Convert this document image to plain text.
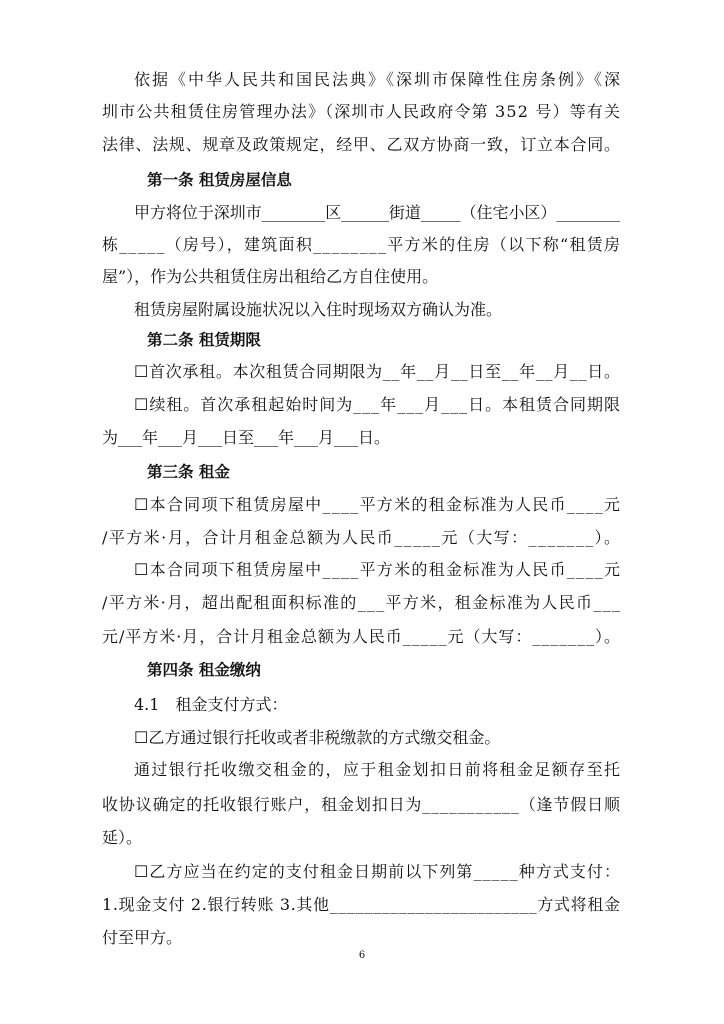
依据《中华人民共和国民法典》《深圳市保障性住房条例》《深
圳市公共租赁住房管理办法》（深圳市人民政府令第 352 号）等有关
法律、法规、规章及政策规定，经甲、乙双方协商一致，订立本合同。
第一条 租赁房屋信息
甲方将位于深圳市________区______街道_____（住宅小区）________
栋_____（房号），建筑面积________平方米的住房（以下称“租赁房
屋”），作为公共租赁住房出租给乙方自住使用。
租赁房屋附属设施状况以入住时现场双方确认为准。
第二条 租赁期限
☐首次承租。本次租赁合同期限为__年__月__日至__年__月__日。
☐续租。首次承租起始时间为___年___月___日。本租赁合同期限
为___年___月___日至___年___月___日。
第三条 租金
☐本合同项下租赁房屋中____平方米的租金标准为人民币____元
/平方米·月，合计月租金总额为人民币_____元（大写：_______）。
☐本合同项下租赁房屋中____平方米的租金标准为人民币____元
/平方米·月，超出配租面积标准的___平方米，租金标准为人民币___
元/平方米·月，合计月租金总额为人民币_____元（大写：_______）。
第四条 租金缴纳
4.1　租金支付方式：
☐乙方通过银行托收或者非税缴款的方式缴交租金。
通过银行托收缴交租金的，应于租金划扣日前将租金足额存至托
收协议确定的托收银行账户，租金划扣日为___________（逢节假日顺
延）。
☐乙方应当在约定的支付租金日期前以下列第_____种方式支付：
1.现金支付 2.银行转账 3.其他________________________方式将租金
付至甲方。
6
